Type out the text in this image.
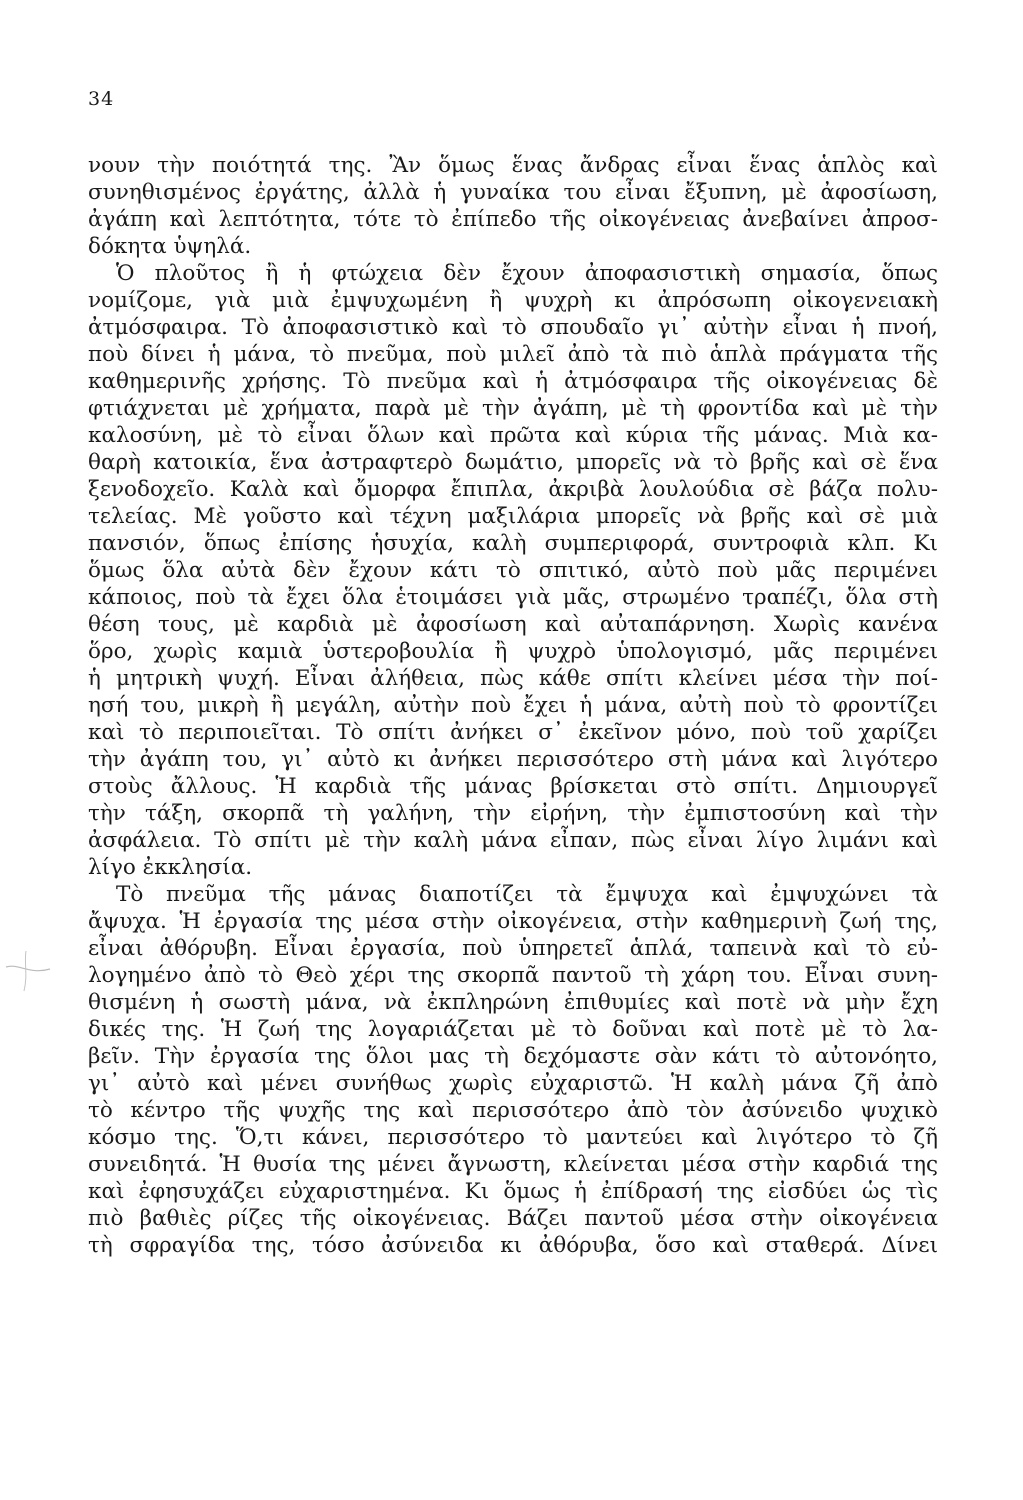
34
νουν τὴν ποιότητά της. Ἂν ὅμως ἕνας ἄνδρας εἶναι ἕνας ἁπλὸς καὶ
συνηθισμένος ἐργάτης, ἀλλὰ ἡ γυναίκα του εἶναι ἔξυπνη, μὲ ἀφοσίωση,
ἀγάπη καὶ λεπτότητα, τότε τὸ ἐπίπεδο τῆς οἰκογένειας ἀνεβαίνει ἀπροσ-
δόκητα ὑψηλά.
Ὁ πλοῦτος ἢ ἡ φτώχεια δὲν ἔχουν ἀποφασιστικὴ σημασία, ὅπως
νομίζομε, γιὰ μιὰ ἐμψυχωμένη ἢ ψυχρὴ κι ἀπρόσωπη οἰκογενειακὴ
ἀτμόσφαιρα. Τὸ ἀποφασιστικὸ καὶ τὸ σπουδαῖο γι᾽ αὐτὴν εἶναι ἡ πνοή,
ποὺ δίνει ἡ μάνα, τὸ πνεῦμα, ποὺ μιλεῖ ἀπὸ τὰ πιὸ ἁπλὰ πράγματα τῆς
καθημερινῆς χρήσης. Τὸ πνεῦμα καὶ ἡ ἀτμόσφαιρα τῆς οἰκογένειας δὲ
φτιάχνεται μὲ χρήματα, παρὰ μὲ τὴν ἀγάπη, μὲ τὴ φροντίδα καὶ μὲ τὴν
καλοσύνη, μὲ τὸ εἶναι ὅλων καὶ πρῶτα καὶ κύρια τῆς μάνας. Μιὰ κα-
θαρὴ κατοικία, ἕνα ἀστραφτερὸ δωμάτιο, μπορεῖς νὰ τὸ βρῆς καὶ σὲ ἕνα
ξενοδοχεῖο. Καλὰ καὶ ὄμορφα ἔπιπλα, ἀκριβὰ λουλούδια σὲ βάζα πολυ-
τελείας. Μὲ γοῦστο καὶ τέχνη μαξιλάρια μπορεῖς νὰ βρῆς καὶ σὲ μιὰ
πανσιόν, ὅπως ἐπίσης ἡσυχία, καλὴ συμπεριφορά, συντροφιὰ κλπ. Κι
ὅμως ὅλα αὐτὰ δὲν ἔχουν κάτι τὸ σπιτικό, αὐτὸ ποὺ μᾶς περιμένει
κάποιος, ποὺ τὰ ἔχει ὅλα ἑτοιμάσει γιὰ μᾶς, στρωμένο τραπέζι, ὅλα στὴ
θέση τους, μὲ καρδιὰ μὲ ἀφοσίωση καὶ αὐταπάρνηση. Χωρὶς κανένα
ὅρο, χωρὶς καμιὰ ὑστεροβουλία ἢ ψυχρὸ ὑπολογισμό, μᾶς περιμένει
ἡ μητρικὴ ψυχή. Εἶναι ἀλήθεια, πὼς κάθε σπίτι κλείνει μέσα τὴν ποί-
ησή του, μικρὴ ἢ μεγάλη, αὐτὴν ποὺ ἔχει ἡ μάνα, αὐτὴ ποὺ τὸ φροντίζει
καὶ τὸ περιποιεῖται. Τὸ σπίτι ἀνήκει σ᾽ ἐκεῖνον μόνο, ποὺ τοῦ χαρίζει
τὴν ἀγάπη του, γι᾽ αὐτὸ κι ἀνήκει περισσότερο στὴ μάνα καὶ λιγότερο
στοὺς ἄλλους. Ἡ καρδιὰ τῆς μάνας βρίσκεται στὸ σπίτι. Δημιουργεῖ
τὴν τάξη, σκορπᾶ τὴ γαλήνη, τὴν εἰρήνη, τὴν ἐμπιστοσύνη καὶ τὴν
ἀσφάλεια. Τὸ σπίτι μὲ τὴν καλὴ μάνα εἶπαν, πὼς εἶναι λίγο λιμάνι καὶ
λίγο ἐκκλησία.
Τὸ πνεῦμα τῆς μάνας διαποτίζει τὰ ἔμψυχα καὶ ἐμψυχώνει τὰ
ἄψυχα. Ἡ ἐργασία της μέσα στὴν οἰκογένεια, στὴν καθημερινὴ ζωή της,
εἶναι ἀθόρυβη. Εἶναι ἐργασία, ποὺ ὑπηρετεῖ ἁπλά, ταπεινὰ καὶ τὸ εὐ-
λογημένο ἀπὸ τὸ Θεὸ χέρι της σκορπᾶ παντοῦ τὴ χάρη του. Εἶναι συνη-
θισμένη ἡ σωστὴ μάνα, νὰ ἐκπληρώνη ἐπιθυμίες καὶ ποτὲ νὰ μὴν ἔχη
δικές της. Ἡ ζωή της λογαριάζεται μὲ τὸ δοῦναι καὶ ποτὲ μὲ τὸ λα-
βεῖν. Τὴν ἐργασία της ὅλοι μας τὴ δεχόμαστε σὰν κάτι τὸ αὐτονόητο,
γι᾽ αὐτὸ καὶ μένει συνήθως χωρὶς εὐχαριστῶ. Ἡ καλὴ μάνα ζῆ ἀπὸ
τὸ κέντρο τῆς ψυχῆς της καὶ περισσότερο ἀπὸ τὸν ἀσύνειδο ψυχικὸ
κόσμο της. Ὅ,τι κάνει, περισσότερο τὸ μαντεύει καὶ λιγότερο τὸ ζῆ
συνειδητά. Ἡ θυσία της μένει ἄγνωστη, κλείνεται μέσα στὴν καρδιά της
καὶ ἐφησυχάζει εὐχαριστημένα. Κι ὅμως ἡ ἐπίδρασή της εἰσδύει ὡς τὶς
πιὸ βαθιὲς ρίζες τῆς οἰκογένειας. Βάζει παντοῦ μέσα στὴν οἰκογένεια
τὴ σφραγίδα της, τόσο ἀσύνειδα κι ἀθόρυβα, ὅσο καὶ σταθερά. Δίνει
